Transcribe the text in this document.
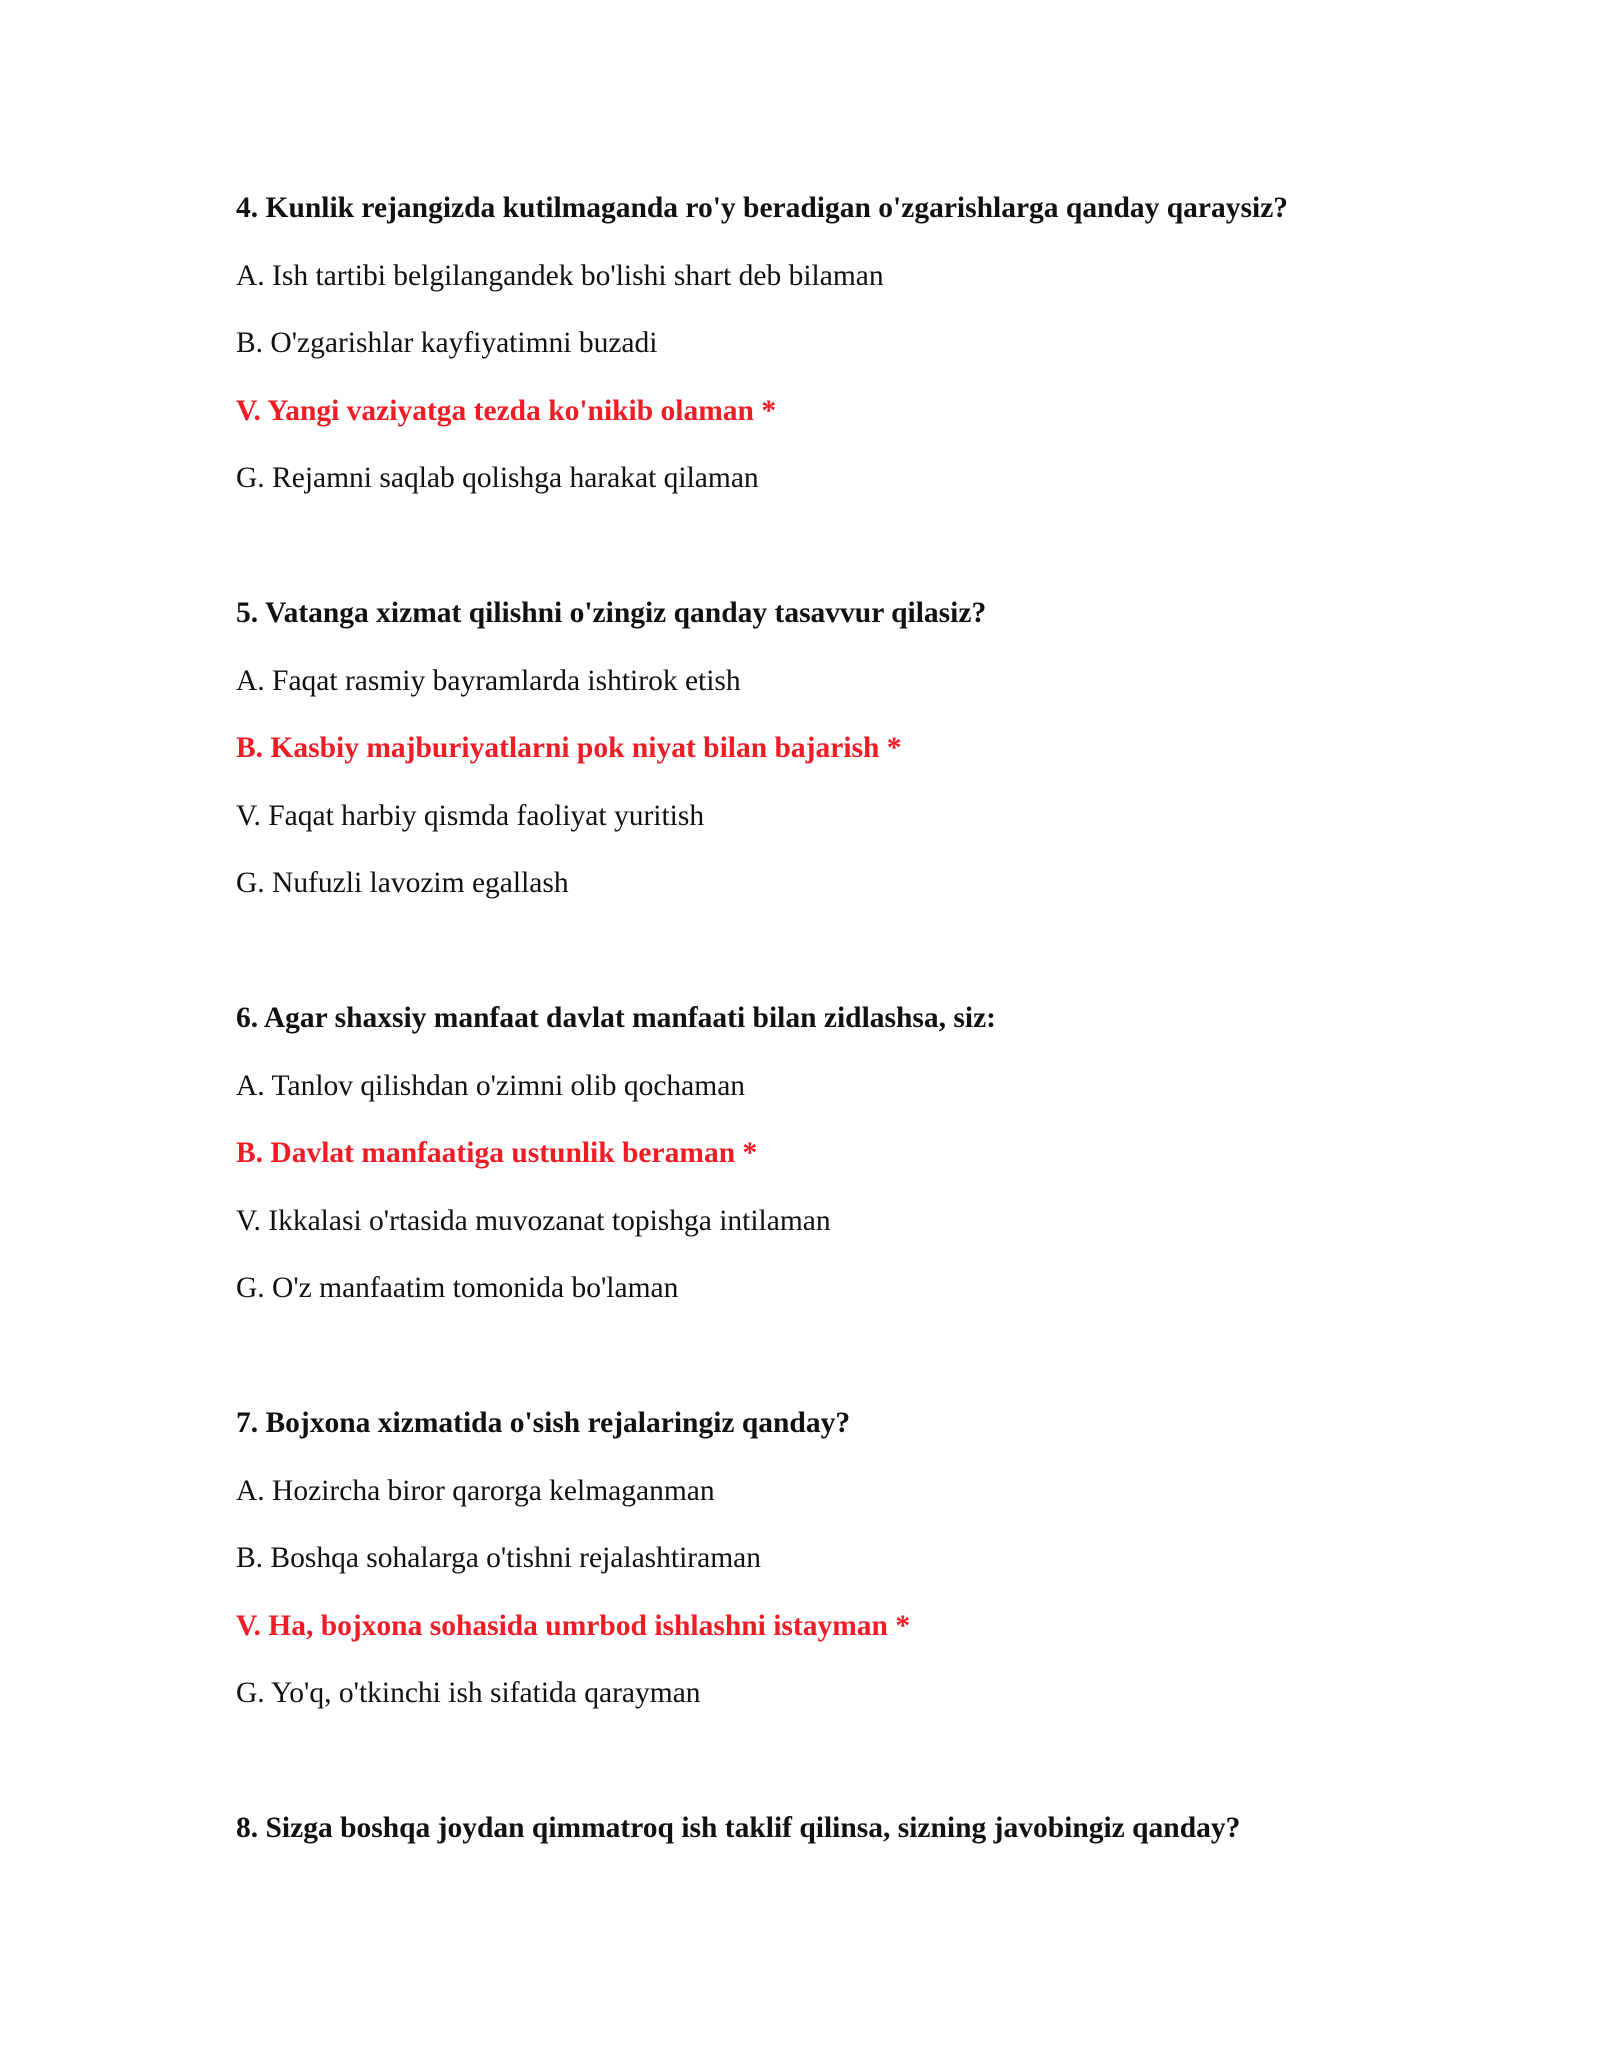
4. Kunlik rejangizda kutilmaganda ro'y beradigan o'zgarishlarga qanday qaraysiz?
A. Ish tartibi belgilangandek bo'lishi shart deb bilaman
B. O'zgarishlar kayfiyatimni buzadi
V. Yangi vaziyatga tezda ko'nikib olaman *
G. Rejamni saqlab qolishga harakat qilaman
5. Vatanga xizmat qilishni o'zingiz qanday tasavvur qilasiz?
A. Faqat rasmiy bayramlarda ishtirok etish
B. Kasbiy majburiyatlarni pok niyat bilan bajarish *
V. Faqat harbiy qismda faoliyat yuritish
G. Nufuzli lavozim egallash
6. Agar shaxsiy manfaat davlat manfaati bilan zidlashsa, siz:
A. Tanlov qilishdan o'zimni olib qochaman
B. Davlat manfaatiga ustunlik beraman *
V. Ikkalasi o'rtasida muvozanat topishga intilaman
G. O'z manfaatim tomonida bo'laman
7. Bojxona xizmatida o'sish rejalaringiz qanday?
A. Hozircha biror qarorga kelmaganman
B. Boshqa sohalarga o'tishni rejalashtiraman
V. Ha, bojxona sohasida umrbod ishlashni istayman *
G. Yo'q, o'tkinchi ish sifatida qarayman
8. Sizga boshqa joydan qimmatroq ish taklif qilinsa, sizning javobingiz qanday?
